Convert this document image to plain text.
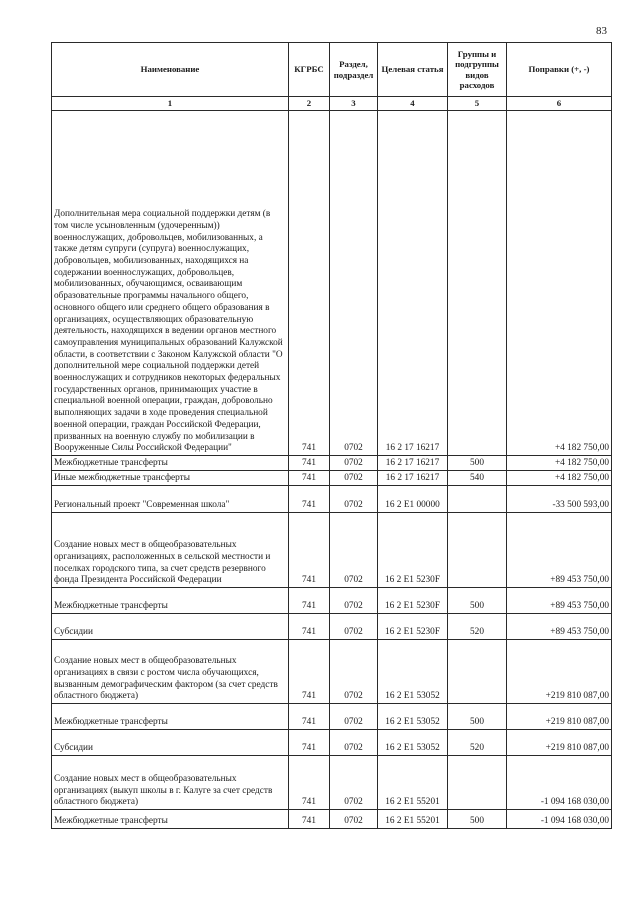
83
Наименование	КГРБС	Раздел, подраздел	Целевая статья	Группы и подгруппы видов расходов	Поправки (+, -)
1	2	3	4	5	6
Дополнительная мера социальной поддержки детям (в том числе усыновленным (удочеренным)) военнослужащих, добровольцев, мобилизованных, а также детям супруги (супруга) военнослужащих, добровольцев, мобилизованных, находящихся на содержании военнослужащих, добровольцев, мобилизованных, обучающимся, осваивающим образовательные программы начального общего, основного общего или среднего общего образования в организациях, осуществляющих образовательную деятельность, находящихся в ведении органов местного самоуправления муниципальных образований Калужской области, в соответствии с Законом Калужской области "О дополнительной мере социальной поддержки детей военнослужащих и сотрудников некоторых федеральных государственных органов, принимающих участие в специальной военной операции, граждан, добровольно выполняющих задачи в ходе проведения специальной военной операции, граждан Российской Федерации, призванных на военную службу по мобилизации в Вооруженные Силы Российской Федерации"	741	0702	16 2 17 16217		+4 182 750,00
Межбюджетные трансферты	741	0702	16 2 17 16217	500	+4 182 750,00
Иные межбюджетные трансферты	741	0702	16 2 17 16217	540	+4 182 750,00
Региональный проект "Современная школа"	741	0702	16 2 E1 00000		-33 500 593,00
Создание новых мест в общеобразовательных организациях, расположенных в сельской местности и поселках городского типа, за счет средств резервного фонда Президента Российской Федерации	741	0702	16 2 E1 5230F		+89 453 750,00
Межбюджетные трансферты	741	0702	16 2 E1 5230F	500	+89 453 750,00
Субсидии	741	0702	16 2 E1 5230F	520	+89 453 750,00
Создание новых мест в общеобразовательных организациях в связи с ростом числа обучающихся, вызванным демографическим фактором (за счет средств областного бюджета)	741	0702	16 2 E1 53052		+219 810 087,00
Межбюджетные трансферты	741	0702	16 2 E1 53052	500	+219 810 087,00
Субсидии	741	0702	16 2 E1 53052	520	+219 810 087,00
Создание новых мест в общеобразовательных организациях (выкуп школы в г. Калуге за счет средств областного бюджета)	741	0702	16 2 E1 55201		-1 094 168 030,00
Межбюджетные трансферты	741	0702	16 2 E1 55201	500	-1 094 168 030,00
